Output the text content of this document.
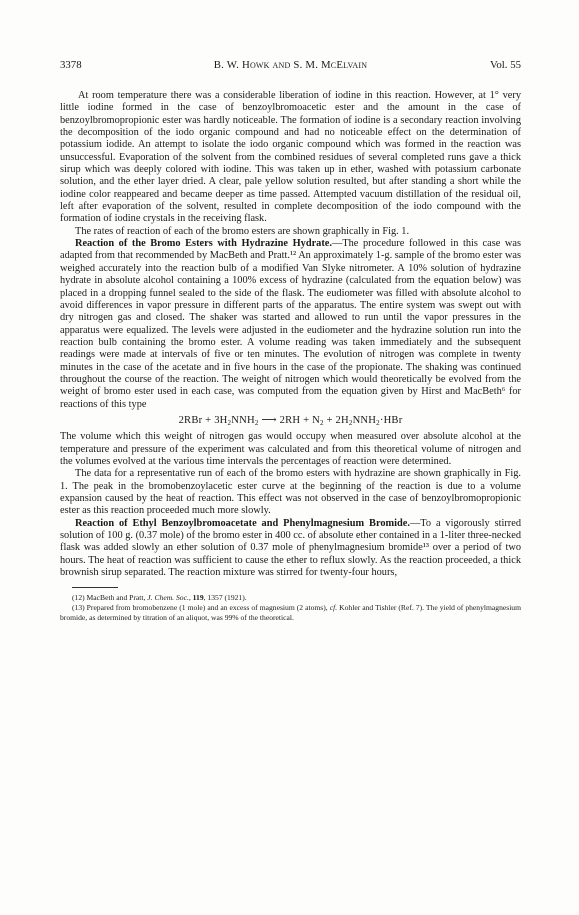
3378	B. W. Howk and S. M. McElvain	Vol. 55

At room temperature there was a considerable liberation of iodine in this reaction. However, at 1° very little iodine formed in the case of benzoylbromoacetic ester and the amount in the case of benzoylbromopropionic ester was hardly noticeable. The formation of iodine is a secondary reaction involving the decomposition of the iodo organic compound and had no noticeable effect on the determination of potassium iodide. An attempt to isolate the iodo organic compound which was formed in the reaction was unsuccessful. Evaporation of the solvent from the combined residues of several completed runs gave a thick sirup which was deeply colored with iodine. This was taken up in ether, washed with potassium carbonate solution, and the ether layer dried. A clear, pale yellow solution resulted, but after standing a short while the iodine color reappeared and became deeper as time passed. Attempted vacuum distillation of the residual oil, left after evaporation of the solvent, resulted in complete decomposition of the iodo compound with the formation of iodine crystals in the receiving flask.

The rates of reaction of each of the bromo esters are shown graphically in Fig. 1.

Reaction of the Bromo Esters with Hydrazine Hydrate.—The procedure followed in this case was adapted from that recommended by MacBeth and Pratt.¹² An approximately 1-g. sample of the bromo ester was weighed accurately into the reaction bulb of a modified Van Slyke nitrometer. A 10% solution of hydrazine hydrate in absolute alcohol containing a 100% excess of hydrazine (calculated from the equation below) was placed in a dropping funnel sealed to the side of the flask. The eudiometer was filled with absolute alcohol to avoid differences in vapor pressure in different parts of the apparatus. The entire system was swept out with dry nitrogen gas and closed. The shaker was started and allowed to run until the vapor pressures in the apparatus were equalized. The levels were adjusted in the eudiometer and the hydrazine solution run into the reaction bulb containing the bromo ester. A volume reading was taken immediately and the subsequent readings were made at intervals of five or ten minutes. The evolution of nitrogen was complete in twenty minutes in the case of the acetate and in five hours in the case of the propionate. The shaking was continued throughout the course of the reaction. The weight of nitrogen which would theoretically be evolved from the weight of bromo ester used in each case, was computed from the equation given by Hirst and MacBeth⁶ for reactions of this type

$2RBr + 3H_2NNH_2$ ⟶ $2RH + N_2 + 2H_2NNH_2\cdot HBr$

The volume which this weight of nitrogen gas would occupy when measured over absolute alcohol at the temperature and pressure of the experiment was calculated and from this theoretical volume of nitrogen and the volumes evolved at the various time intervals the percentages of reaction were determined.

The data for a representative run of each of the bromo esters with hydrazine are shown graphically in Fig. 1. The peak in the bromobenzoylacetic ester curve at the beginning of the reaction is due to a volume expansion caused by the heat of reaction. This effect was not observed in the case of benzoylbromopropionic ester as this reaction proceeded much more slowly.

Reaction of Ethyl Benzoylbromoacetate and Phenylmagnesium Bromide.—To a vigorously stirred solution of 100 g. (0.37 mole) of the bromo ester in 400 cc. of absolute ether contained in a 1-liter three-necked flask was added slowly an ether solution of 0.37 mole of phenylmagnesium bromide¹³ over a period of two hours. The heat of reaction was sufficient to cause the ether to reflux slowly. As the reaction proceeded, a thick brownish sirup separated. The reaction mixture was stirred for twenty-four hours,

(12) MacBeth and Pratt, J. Chem. Soc., 119, 1357 (1921).

(13) Prepared from bromobenzene (1 mole) and an excess of magnesium (2 atoms), cf. Kohler and Tishler (Ref. 7). The yield of phenylmagnesium bromide, as determined by titration of an aliquot, was 99% of the theoretical.
